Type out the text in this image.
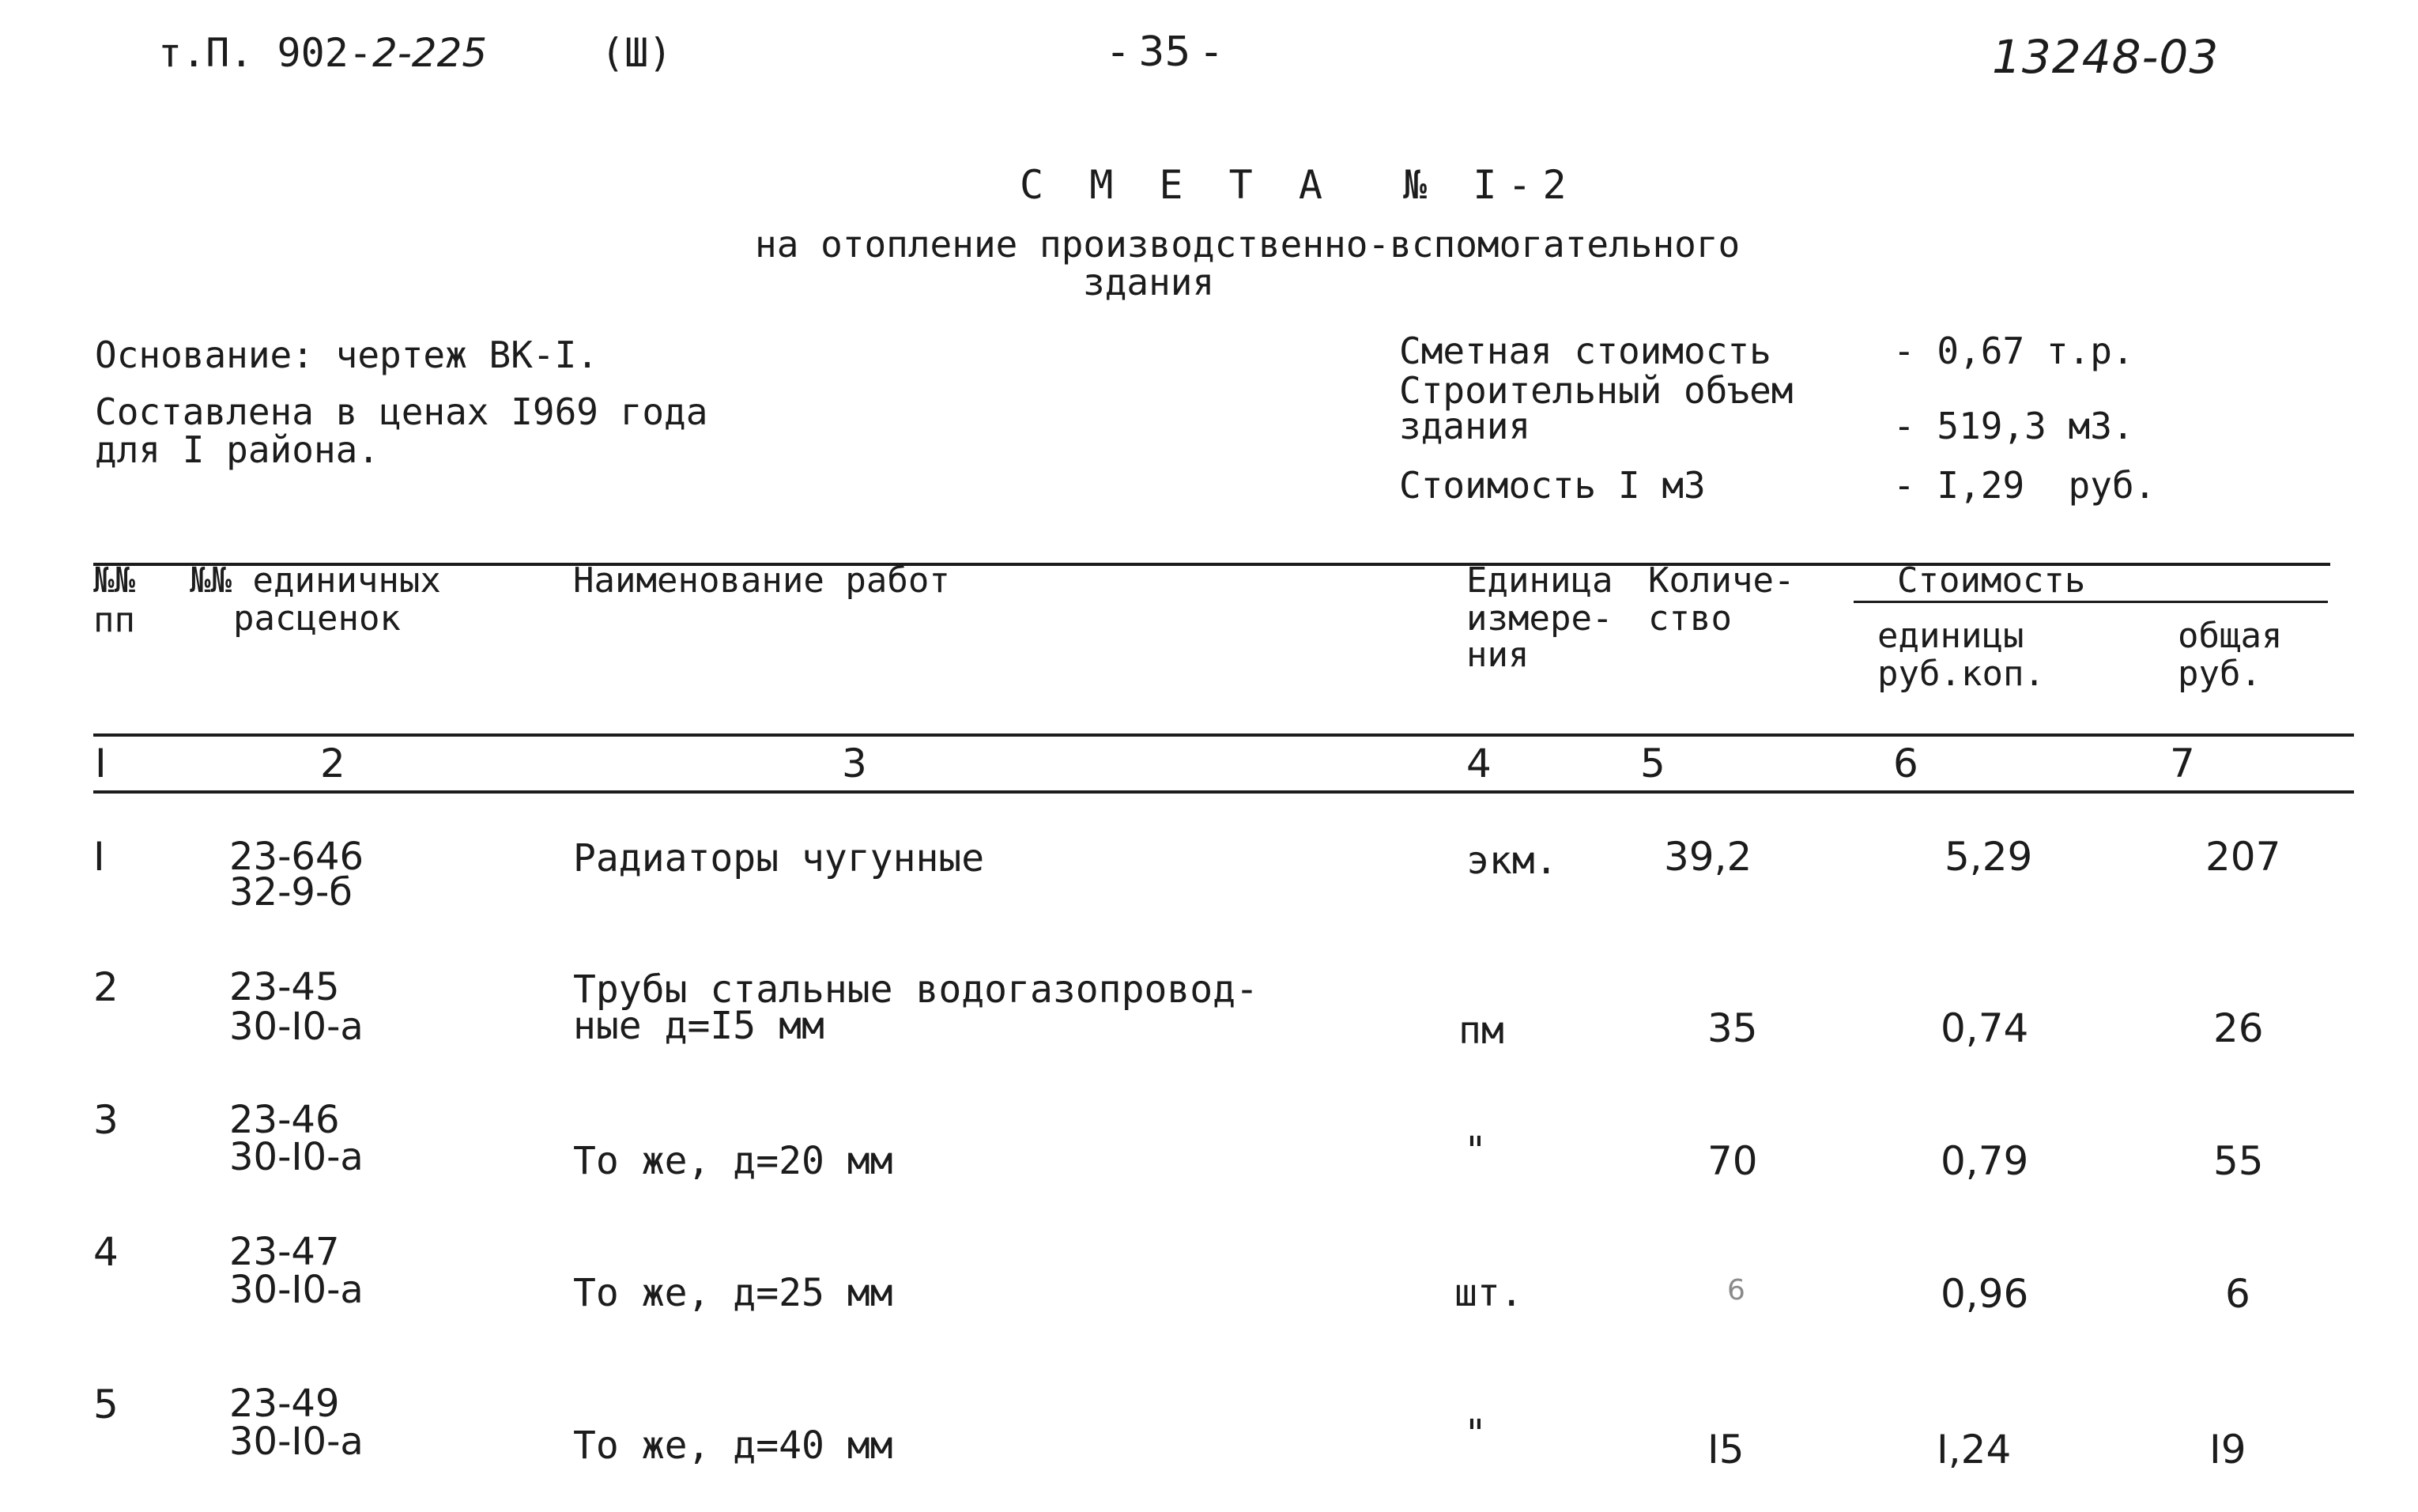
т.П. 902-2-225	(Ш)	- 35 -	13248-03
С М Е Т А  № I-2
на отопление производственно-вспомогательного
здания
Основание: чертеж ВК-I.
Составлена в ценах I969 года
для I района.
Сметная стоимость	- 0,67 т.р.
Строительный объем
здания	- 519,3 м3.
Стоимость I м3	- I,29  руб.
№№
пп
№№ единичных
расценок
Наименование работ	Единица
измере-
ния
Количе-
ство
Стоимость
единицы
руб.коп.
общая
руб.
I	2	3	4	5	6	7
I	23-646
32-9-б
Радиаторы чугунные	экм.	39,2	5,29	207
2	23-45
30-I0-а
Трубы стальные водогазопровод-
ные д=I5 мм	пм	35	0,74	26
3	23-46
30-I0-а	То же, д=20 мм	"	70	0,79	55
4	23-47
30-I0-а	То же, д=25 мм	шт.	6	0,96	6
5	23-49
30-I0-а	То же, д=40 мм	"	I5	I,24	I9
